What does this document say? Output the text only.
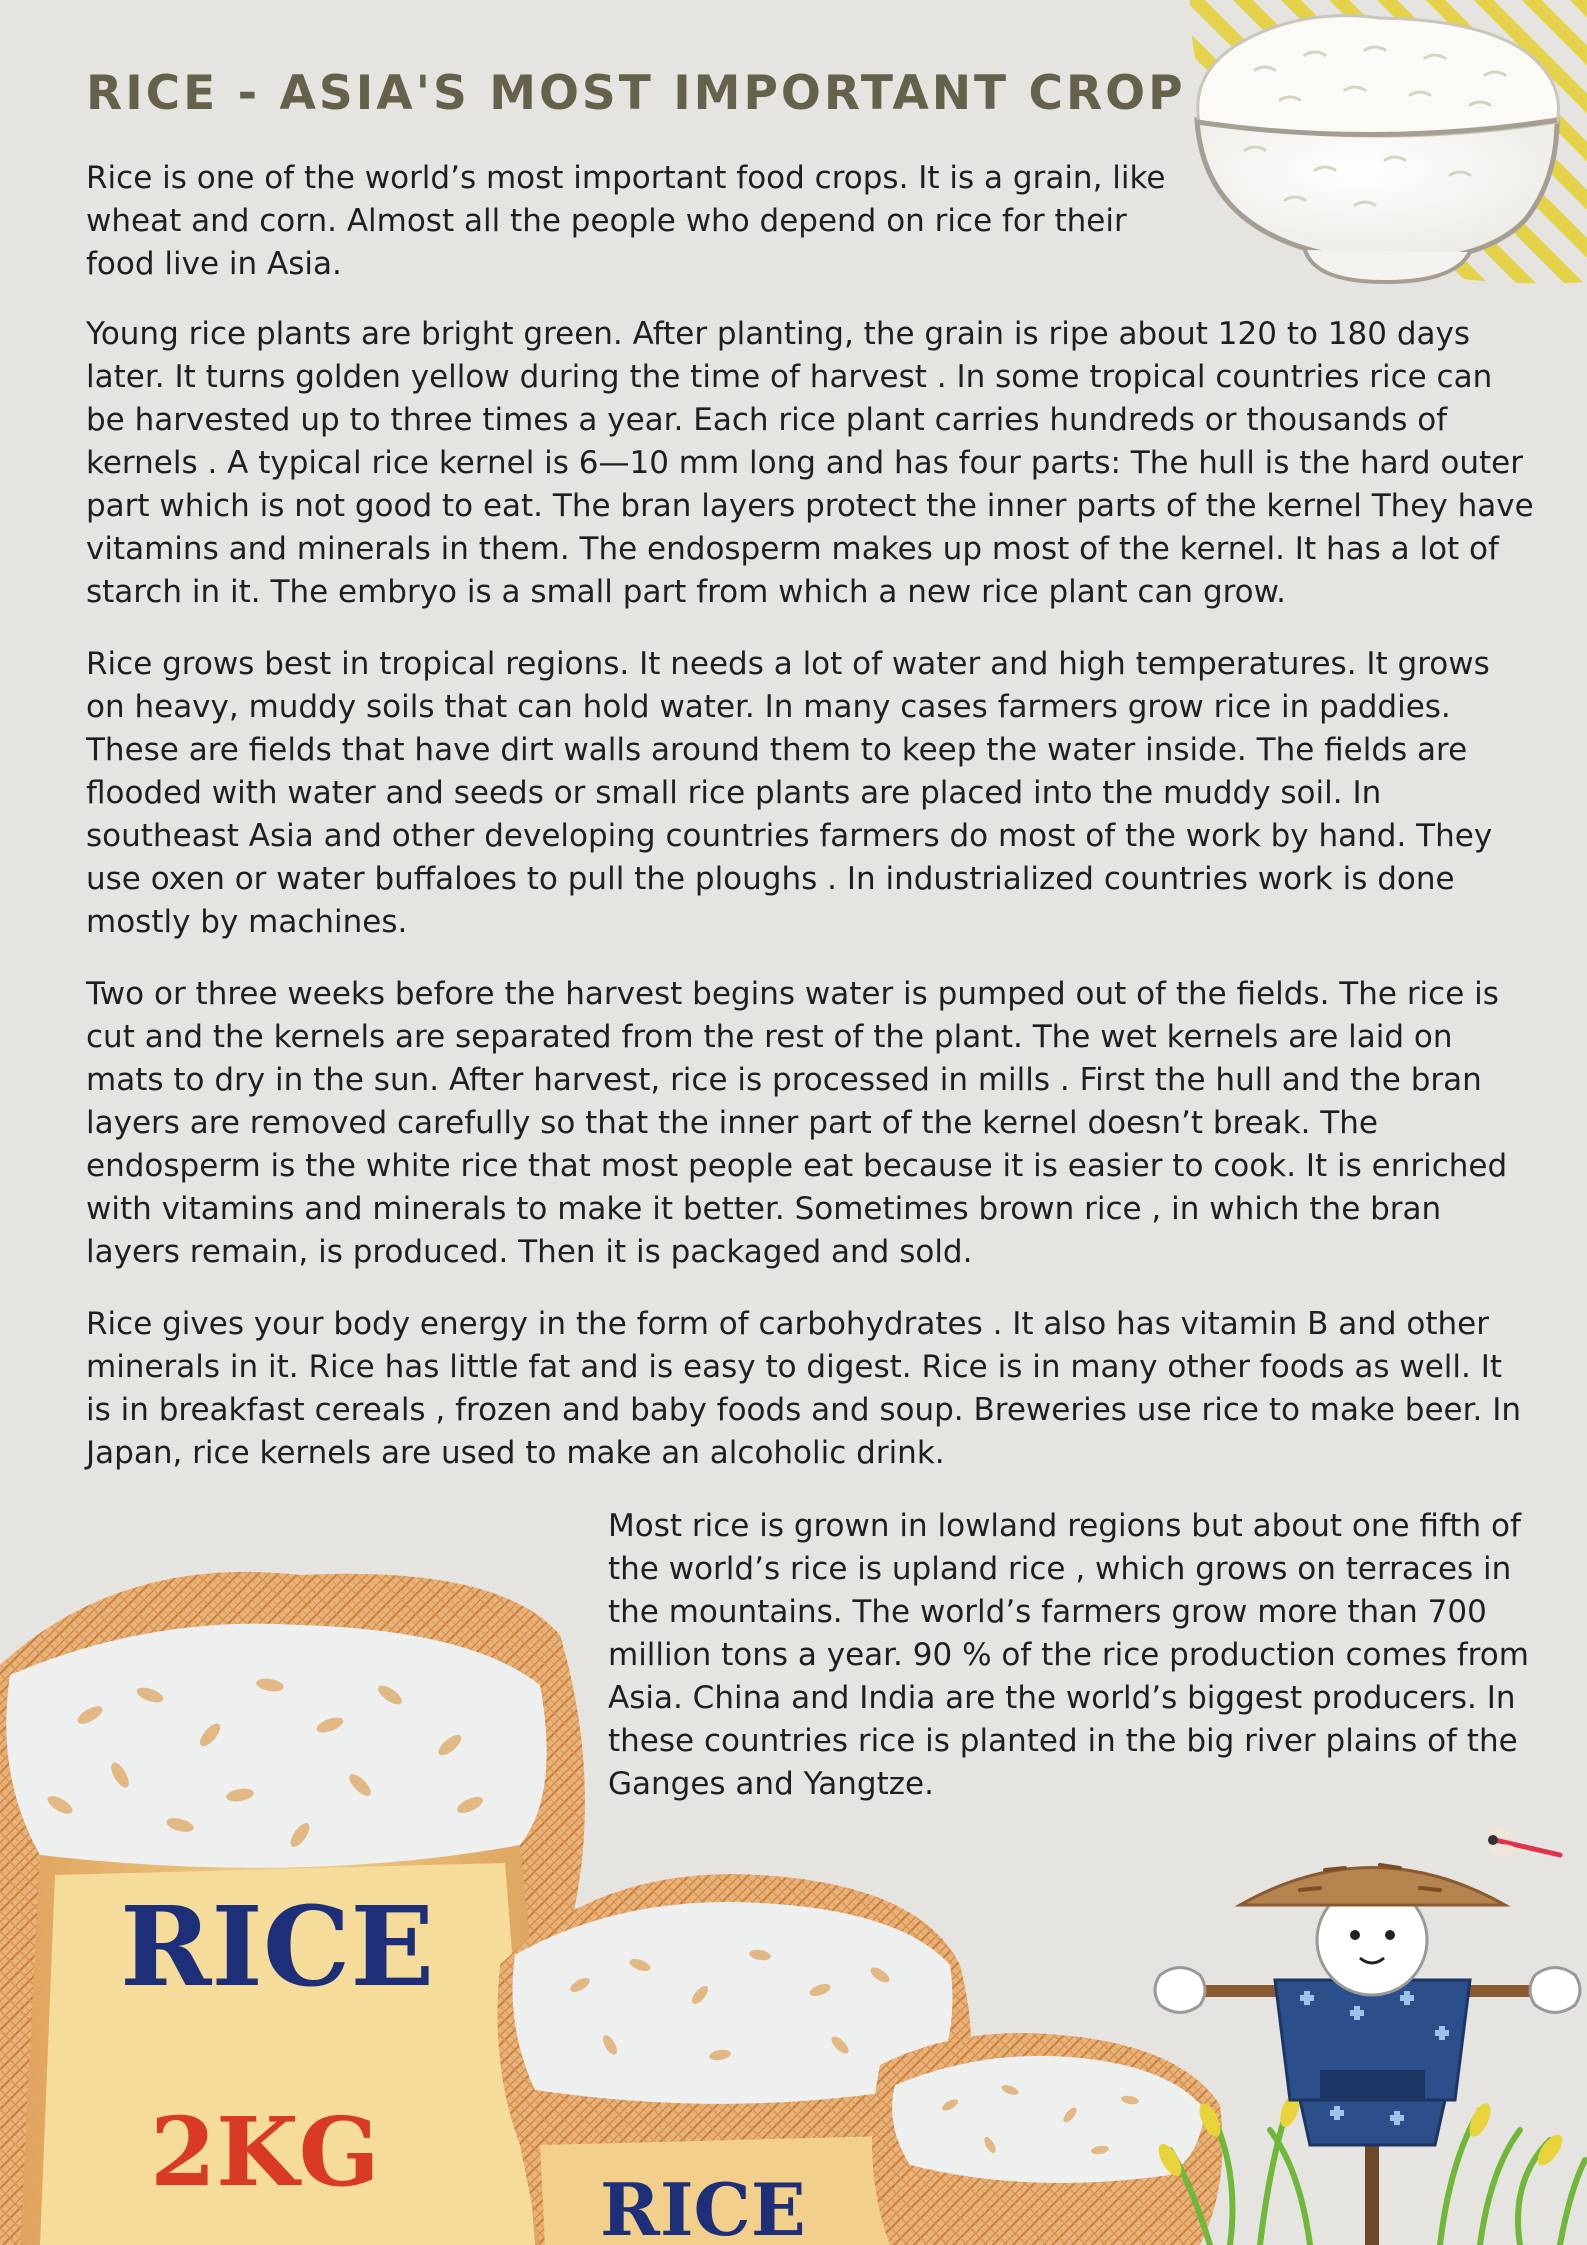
RICE - ASIA'S MOST IMPORTANT CROP

Rice is one of the world’s most important food crops. It is a grain, like wheat and corn. Almost all the people who depend on rice for their food live in Asia.

Young rice plants are bright green. After planting, the grain is ripe about 120 to 180 days later. It turns golden yellow during the time of harvest . In some tropical countries rice can be harvested up to three times a year. Each rice plant carries hundreds or thousands of kernels . A typical rice kernel is 6—10 mm long and has four parts: The hull is the hard outer part which is not good to eat. The bran layers protect the inner parts of the kernel They have vitamins and minerals in them. The endosperm makes up most of the kernel. It has a lot of starch in it. The embryo is a small part from which a new rice plant can grow.

Rice grows best in tropical regions. It needs a lot of water and high temperatures. It grows on heavy, muddy soils that can hold water. In many cases farmers grow rice in paddies. These are fields that have dirt walls around them to keep the water inside. The fields are flooded with water and seeds or small rice plants are placed into the muddy soil. In southeast Asia and other developing countries farmers do most of the work by hand. They use oxen or water buffaloes to pull the ploughs . In industrialized countries work is done mostly by machines.

Two or three weeks before the harvest begins water is pumped out of the fields. The rice is cut and the kernels are separated from the rest of the plant. The wet kernels are laid on mats to dry in the sun. After harvest, rice is processed in mills . First the hull and the bran layers are removed carefully so that the inner part of the kernel doesn’t break. The endosperm is the white rice that most people eat because it is easier to cook. It is enriched with vitamins and minerals to make it better. Sometimes brown rice , in which the bran layers remain, is produced. Then it is packaged and sold.

Rice gives your body energy in the form of carbohydrates . It also has vitamin B and other minerals in it. Rice has little fat and is easy to digest. Rice is in many other foods as well. It is in breakfast cereals , frozen and baby foods and soup. Breweries use rice to make beer. In Japan, rice kernels are used to make an alcoholic drink.

Most rice is grown in lowland regions but about one fifth of the world’s rice is upland rice , which grows on terraces in the mountains. The world’s farmers grow more than 700 million tons a year. 90 % of the rice production comes from Asia. China and India are the world’s biggest producers. In these countries rice is planted in the big river plains of the Ganges and Yangtze.

RICE
2KG
RICE
